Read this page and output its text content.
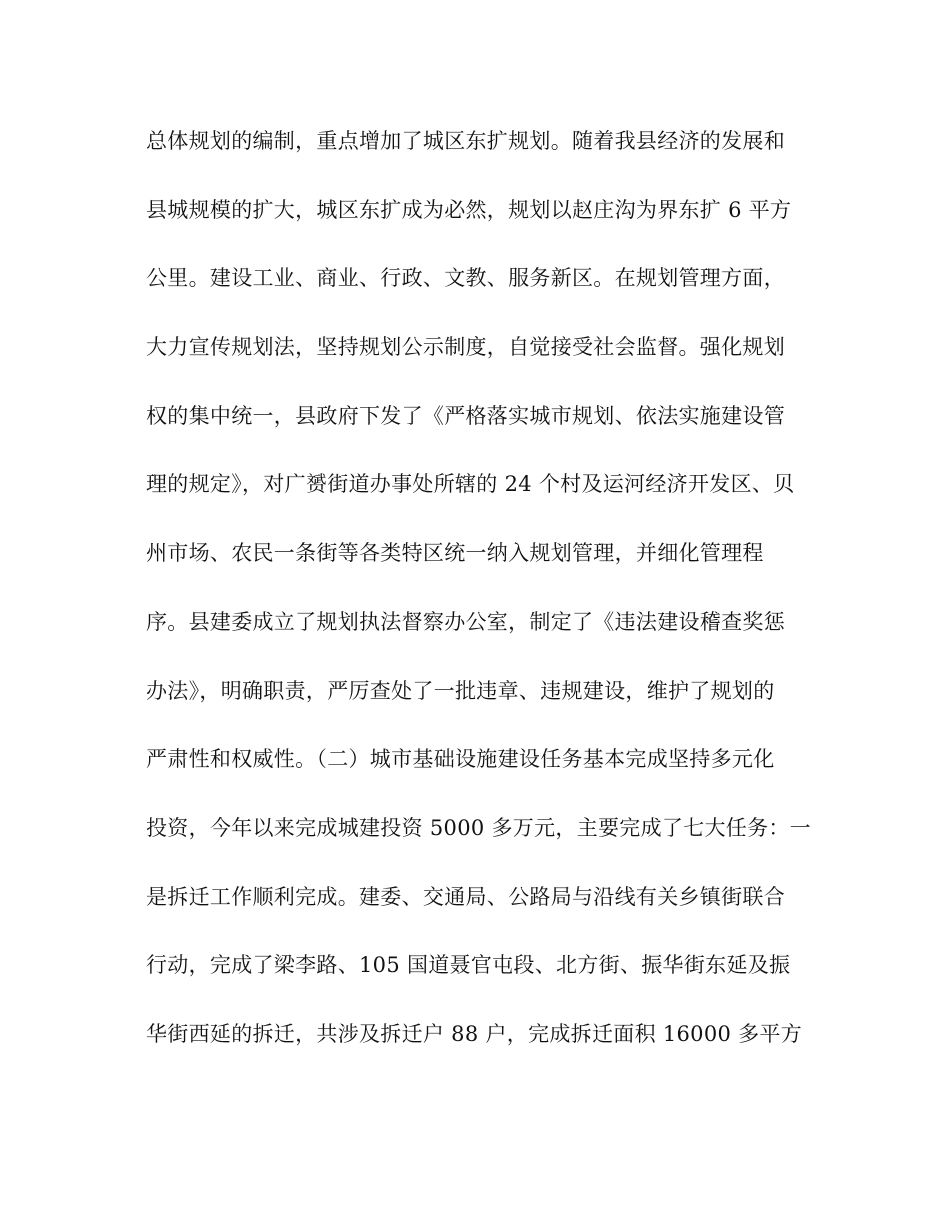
总体规划的编制，重点增加了城区东扩规划。随着我县经济的发展和
县城规模的扩大，城区东扩成为必然，规划以赵庄沟为界东扩 6 平方
公里。建设工业、商业、行政、文教、服务新区。在规划管理方面，
大力宣传规划法，坚持规划公示制度，自觉接受社会监督。强化规划
权的集中统一，县政府下发了《严格落实城市规划、依法实施建设管
理的规定》，对广赟街道办事处所辖的 24 个村及运河经济开发区、贝
州市场、农民一条街等各类特区统一纳入规划管理，并细化管理程
序。县建委成立了规划执法督察办公室，制定了《违法建设稽查奖惩
办法》，明确职责，严厉查处了一批违章、违规建设，维护了规划的
严肃性和权威性。（二）城市基础设施建设任务基本完成坚持多元化
投资，今年以来完成城建投资 5000 多万元，主要完成了七大任务：一
是拆迁工作顺利完成。建委、交通局、公路局与沿线有关乡镇街联合
行动，完成了梁李路、105 国道聂官屯段、北方街、振华街东延及振
华街西延的拆迁，共涉及拆迁户 88 户，完成拆迁面积 16000 多平方
